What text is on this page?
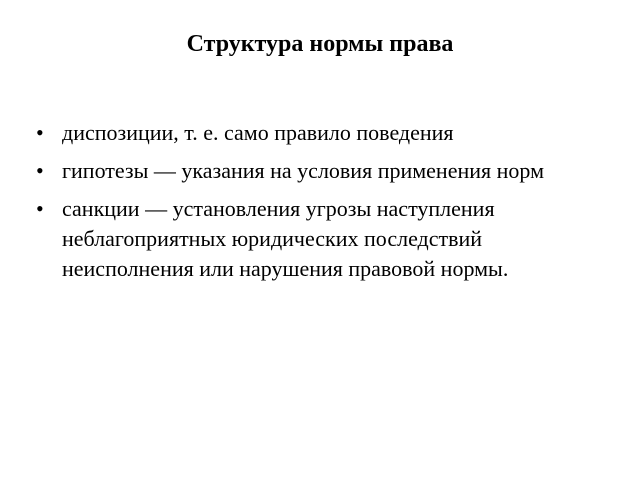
Структура нормы права
• диспозиции, т. е. само правило поведения
• гипотезы — указания на условия применения норм
• санкции — установления угрозы наступления неблагоприятных юридических последствий неисполнения или нарушения правовой нормы.
